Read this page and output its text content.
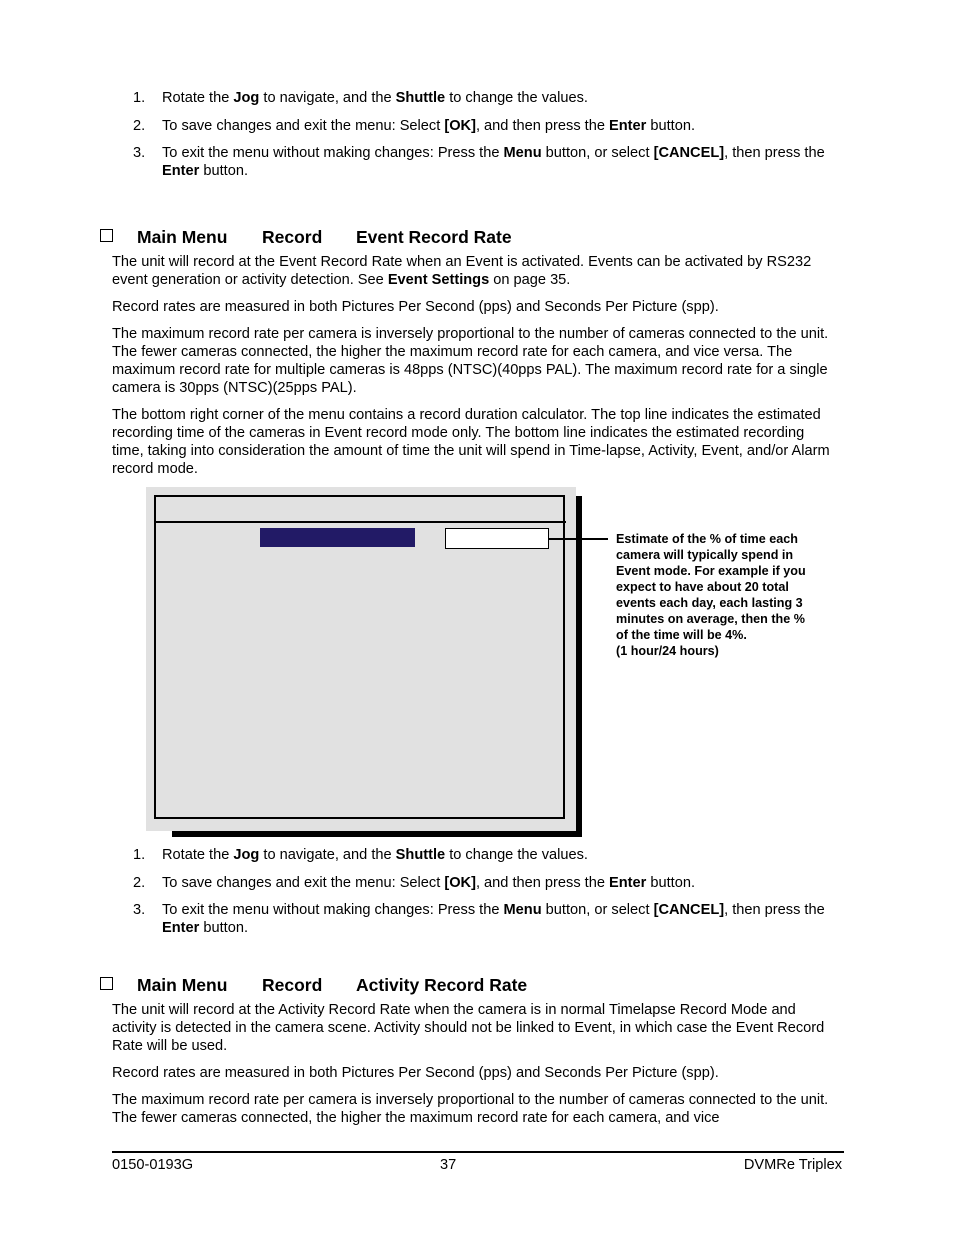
1. Rotate the Jog to navigate, and the Shuttle to change the values.
2. To save changes and exit the menu: Select [OK], and then press the Enter button.
3. To exit the menu without making changes: Press the Menu button, or select [CANCEL], then press the Enter button.
Main Menu Record Event Record Rate

The unit will record at the Event Record Rate when an Event is activated. Events can be activated by RS232 event generation or activity detection. See Event Settings on page 35.

Record rates are measured in both Pictures Per Second (pps) and Seconds Per Picture (spp).

The maximum record rate per camera is inversely proportional to the number of cameras connected to the unit. The fewer cameras connected, the higher the maximum record rate for each camera, and vice versa. The maximum record rate for multiple cameras is 48pps (NTSC)(40pps PAL). The maximum record rate for a single camera is 30pps (NTSC)(25pps PAL).

The bottom right corner of the menu contains a record duration calculator. The top line indicates the estimated recording time of the cameras in Event record mode only. The bottom line indicates the estimated recording time, taking into consideration the amount of time the unit will spend in Time-lapse, Activity, Event, and/or Alarm record mode.

Estimate of the % of time each
camera will typically spend in
Event mode. For example if you
expect to have about 20 total
events each day, each lasting 3
minutes on average, then the %
of the time will be 4%.
(1 hour/24 hours)
1. Rotate the Jog to navigate, and the Shuttle to change the values.
2. To save changes and exit the menu: Select [OK], and then press the Enter button.
3. To exit the menu without making changes: Press the Menu button, or select [CANCEL], then press the Enter button.
Main Menu Record Activity Record Rate

The unit will record at the Activity Record Rate when the camera is in normal Timelapse Record Mode and activity is detected in the camera scene. Activity should not be linked to Event, in which case the Event Record Rate will be used.

Record rates are measured in both Pictures Per Second (pps) and Seconds Per Picture (spp).

The maximum record rate per camera is inversely proportional to the number of cameras connected to the unit. The fewer cameras connected, the higher the maximum record rate for each camera, and vice

0150-0193G	37	DVMRe Triplex
